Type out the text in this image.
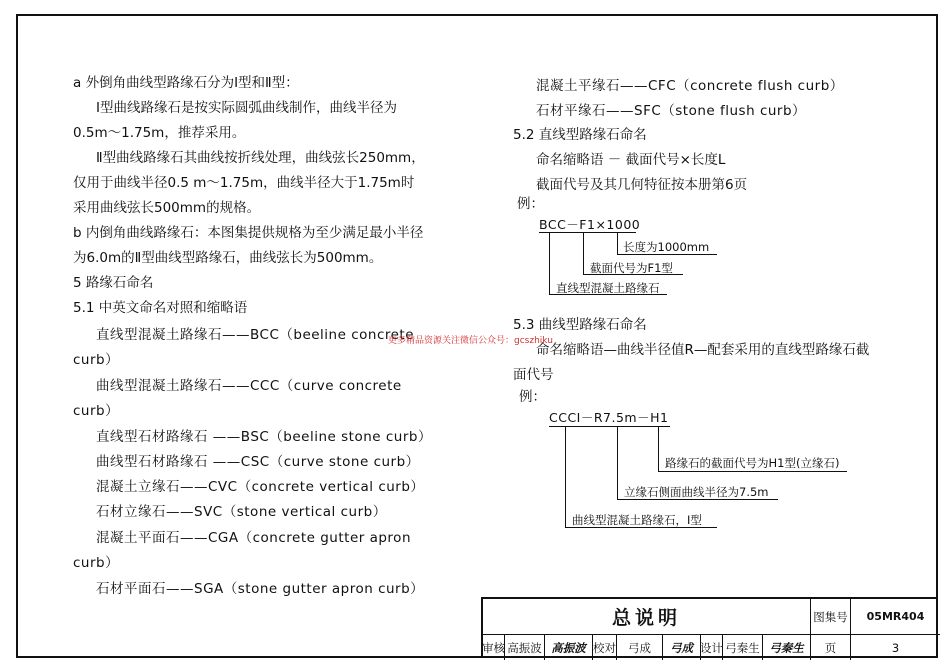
a 外倒角曲线型路缘石分为Ⅰ型和Ⅱ型：
Ⅰ型曲线路缘石是按实际圆弧曲线制作，曲线半径为
0.5m～1.75m，推荐采用。
Ⅱ型曲线路缘石其曲线按折线处理，曲线弦长250mm，
仅用于曲线半径0.5 m～1.75m，曲线半径大于1.75m时
采用曲线弦长500mm的规格。
b 内倒角曲线路缘石：本图集提供规格为至少满足最小半径
为6.0m的Ⅱ型曲线型路缘石，曲线弦长为500mm。
5 路缘石命名
5.1 中英文命名对照和缩略语
直线型混凝土路缘石——BCC（beeline concrete
curb）
曲线型混凝土路缘石——CCC（curve concrete
curb）
直线型石材路缘石 ——BSC（beeline stone curb）
曲线型石材路缘石 ——CSC（curve stone curb）
混凝土立缘石——CVC（concrete vertical curb）
石材立缘石——SVC（stone vertical curb）
混凝土平面石——CGA（concrete gutter apron
curb）
石材平面石——SGA（stone gutter apron curb）
混凝土平缘石——CFC（concrete flush curb）
石材平缘石——SFC（stone flush curb）
5.2 直线型路缘石命名
命名缩略语 － 截面代号×长度L
截面代号及其几何特征按本册第6页
例：
5.3 曲线型路缘石命名
命名缩略语—曲线半径值R—配套采用的直线型路缘石截
面代号
例：
BCC－F1×1000
长度为1000mm
截面代号为F1型
直线型混凝土路缘石
CCCⅠ－R7.5m－H1
路缘石的截面代号为H1型(立缘石)
立缘石侧面曲线半径为7.5m
曲线型混凝土路缘石，Ⅰ型
更多精品资源关注微信公众号：gcszhiku
总说明	图集号	05MR404
审核 高振波 高振波 校对	弓成	弓成 设计 弓秦生 弓秦生	页	3
